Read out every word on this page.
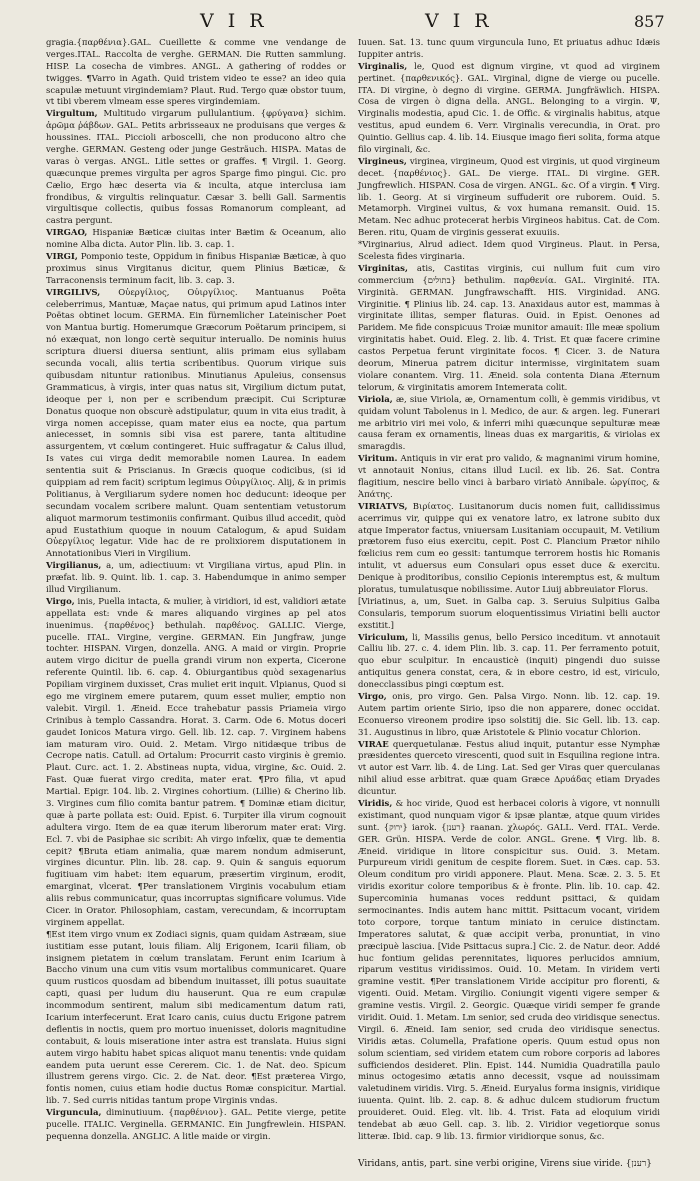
V I R	V I R	857

gragia.{παρθένια}.GAL. Cueillette & comme vne vendange de verges.ITAL. Raccolta de verghe. GERMAN. Die Rutten sammlung. HISP. La cosecha de vimbres. ANGL. A gathering of roddes or twigges. ¶Varro in Agath. Quid tristem video te esse? an ideo quia scapulæ metuunt virgindemiam? Plaut. Rud. Tergo quæ obstor tuum, vt tibi vberem vlmeam esse speres virgindemiam.

Virgultum, Multitudo virgarum pullulantium. {φρύγανα} sichim. ἀρῶμα ῥάβδων. GAL. Petits arbrisseaux ne produisans que verges & houssines. ITAL. Piccioli arboscelli, che non producono altro che verghe. GERMAN. Gesteng oder junge Gesträuch. HISPA. Matas de varas ò vergas. ANGL. Litle settes or graffes. ¶ Virgil. 1. Georg. quæcunque premes virgulta per agros Sparge fimo pingui. Cic. pro Cælio, Ergo hæc deserta via & inculta, atque interclusa iam frondibus, & virgultis relinquatur. Cæsar 3. belli Gall. Sarmentis virgultisque collectis, quibus fossas Romanorum compleant, ad castra pergunt.

VIRGAO, Hispaniæ Bæticæ ciuitas inter Bætim & Oceanum, alio nomine Alba dicta. Autor Plin. lib. 3. cap. 1.

VIRGI, Pomponio teste, Oppidum in finibus Hispaniæ Bæticæ, à quo proximus sinus Virgitanus dicitur, quem Plinius Bæticæ, & Tarraconensis terminum facit, lib. 3. cap. 3.

VIRGILIVS, Οὐεργίλιος, Οὐιργίλιος. Mantuanus Poëta celeberrimus, Mantuæ, Maçae natus, qui primum apud Latinos inter Poëtas obtinet locum. GERMA. Ein fürnemlicher Lateinischer Poet von Mantua burtig. Homerumque Græcorum Poëtarum principem, si nó exæquat, non longo certè sequitur interuallo. De nominis huius scriptura diuersi diuersa sentiunt, aliis primam eius syllabam secunda vocali, aliis tertia scribentibus. Quorum virique suis quibusdam nituntur rationibus. Minutianus Apuleius, consensus Grammaticus, à virgis, inter quas natus sit, Virgilium dictum putat, ideoque per i, non per e scribendum præcipit. Cui Scripturæ Donatus quoque non obscurè adstipulatur, quum in vita eius tradit, à virga nomen accepisse, quam mater eius ea nocte, qua partum aniecesset, in somnis sibi visa est parere, tanta altitudine assurgentem, vt cœlum contingeret. Huic suffragatur & Calus illud, Is vates cui virga dedit memorabile nomen Laurea. In eadem sententia suit & Priscianus. In Græcis quoque codicibus, (si id quippiam ad rem facit) scriptum legimus Οὐιργίλιος. Alij, & in primis Politianus, à Vergiliarum sydere nomen hoc deducunt: ideoque per secundam vocalem scribere malunt. Quam sententiam vetustorum aliquot marmorum testimoniis confirmant. Quibus illud accedit, quòd apud Eustathium quoque in nouum Catalogum, & apud Suidam Οὐεργίλιος legatur. Vide hac de re prolixiorem disputationem in Annotationibus Vieri in Virgilium.

Virgilianus, a, um, adiectiuum: vt Virgiliana virtus, apud Plin. in præfat. lib. 9. Quint. lib. 1. cap. 3. Habendumque in animo semper illud Virgilianum.

Virgo, inis, Puella intacta, & mulier, à viridiori, id est, validiori ætate appellata est: vnde & mares aliquando virgines ap pel atos inuenimus. {παρθένος} bethulah. παρθένος. GALLIC. Vierge, pucelle. ITAL. Virgine, vergine. GERMAN. Ein Jungfraw, junge tochter. HISPAN. Virgen, donzella. ANG. A maid or virgin. Proprie autem virgo dicitur de puella grandi virum non experta, Cicerone referente Quintil. lib. 6. cap. 4. Obiurgantibus quòd sexagenarius Popiliam virginem duxisset, Cras muliet erit inquit. Vlpianus, Quod si ego me virginem emere putarem, quum esset mulier, emptio non valebit. Virgil. 1. Æneid. Ecce trahebatur passis Priameia virgo Crinibus à templo Cassandra. Horat. 3. Carm. Ode 6. Motus doceri gaudet Ionicos Matura virgo. Gell. lib. 12. cap. 7. Virginem habens iam maturam viro. Ouid. 2. Metam. Virgo nitidæque tribus de Cecrope natis. Catull. ad Ortalum: Procurrit casto virginis è gremio. Plaut. Curc. act. 1. 2. Abstineas nupta, vidua, virgine, &c. Ouid. 2. Fast. Quæ fuerat virgo credita, mater erat. ¶Pro filia, vt apud Martial. Epigr. 104. lib. 2. Virgines cohortium. (Lillie) & Cherino lib. 3. Virgines cum filio comita bantur patrem. ¶ Dominæ etiam dicitur, quæ à parte pollata est: Ouid. Epist. 6. Turpiter illa virum cognouit adultera virgo. Item de ea quæ iterum liberorum mater erat: Virg. Ecl. 7. vbi de Pasiphae sic scribit: Ah virgo infœlix, quæ te dementia cepit? ¶Bruta etiam animalia, quæ marem nondum admiserunt, virgines dicuntur. Plin. lib. 28. cap. 9. Quin & sanguis equorum fugitiuam vim habet: item equarum, præsertim virginum, erodit, emarginat, vlcerat. ¶Per translationem Virginis vocabulum etiam aliis rebus communicatur, quas incorruptas significare volumus. Vide Cicer. in Orator. Philosophiam, castam, verecundam, & incorruptam virginem appellat.

¶Est item virgo vnum ex Zodiaci signis, quam quidam Astræam, siue iustitiam esse putant, louis filiam. Alij Erigonem, Icarii filiam, ob insignem pietatem in cœlum translatam. Ferunt enim Icarium à Baccho vinum una cum vitis vsum mortalibus communicaret. Quare quum rusticos quosdam ad bibendum inuitasset, illi potus suauitate capti, quasi per ludum diu hauserunt. Qua re eum crapulæ incommodum sentirent, malum sibi medicamentum datum rati, Icarium interfecerunt. Erat Icaro canis, cuius ductu Erigone patrem deflentis in noctis, quem pro mortuo inuenisset, doloris magnitudine contabuit, & louis miseratione inter astra est translata. Huius signi autem virgo habitu habet spicas aliquot manu tenentis: vnde quidam eandem puta uerunt esse Cererem. Cic. 1. de Nat. deo. Spicum illustrem gerens virgo. Cic. 2. de Nat. deor. ¶Est præterea Virgo, fontis nomen, cuius etiam hodie ductus Romæ conspicitur. Martial. lib. 7. Sed curris nitidas tantum prope Virginis vndas.

Virguncula, diminutiuum. {παρθένιον}. GAL. Petite vierge, petite pucelle. ITALIC. Verginella. GERMANIC. Ein Jungfrewlein. HISPAN. pequenna donzella. ANGLIC. A litle maide or virgin.

Iuuen. Sat. 13. tunc quum virguncula Iuno, Et priuatus adhuc Idæis Iuppiter antris.

Virginalis, le, Quod est dignum virgine, vt quod ad virginem pertinet. {παρθενικός}. GAL. Virginal, digne de vierge ou pucelle. ITA. Di virgine, ò degno di virgine. GERMA. Jungfräwlich. HISPA. Cosa de virgen ò digna della. ANGL. Belonging to a virgin. Ψ, Virginalis modestia, apud Cic. 1. de Offic. & virginalis habitus, atque vestitus, apud eundem 6. Verr. Virginalis verecundia, in Orat. pro Quintio. Gellius cap. 4. lib. 14. Eiusque imago fieri solita, forma atque filo virginali, &c.

Virgineus, virginea, virgineum, Quod est virginis, ut quod virgineum decet. {παρθένιος}. GAL. De vierge. ITAL. Di virgine. GER. Jungfrewlich. HISPAN. Cosa de virgen. ANGL. &c. Of a virgin. ¶ Virg. lib. 1. Georg. At si virgineum suffuderit ore ruborem. Ouid. 5. Metamorph. Virginei vultus, & vox humana remansit. Ouid. 15. Metam. Nec adhuc protecerat herbis Virgineos habitus. Cat. de Com. Beren. ritu, Quam de virginis gesserat exuuiis.

*Virginarius, Alrud adiect. Idem quod Virgineus. Plaut. in Persa, Scelesta fides virginaria.

Virginitas, atis, Castitas virginis, cui nullum fuit cum viro commercium {בתולים} bethulim. παρθενία. GAL. Virginité. ITA. Virginità. GERMAN. Jungfrawschafft. HIS. Virginidad. ANG. Virginitie. ¶ Plinius lib. 24. cap. 13. Anaxidaus autor est, mammas à virginitate illitas, semper flaturas. Ouid. in Epist. Oenones ad Paridem. Me fide conspicuus Troiæ munitor amauit: Ille meæ spolium virginitatis habet. Ouid. Eleg. 2. lib. 4. Trist. Et quæ facere crimine castos Perpetua ferunt virginitate focos. ¶ Cicer. 3. de Natura deorum, Minerua patrem dicitur intermisse, virginitatem suam violare conantem. Virg. 11. Æneid. sola contenta Diana Æternum telorum, & virginitatis amorem Intemerata colit.

Viriola, æ, siue Viriola, æ, Ornamentum colli, è gemmis viridibus, vt quidam volunt Tabolenus in l. Medico, de aur. & argen. leg. Funerari me arbitrio viri mei volo, & inferri mihi quæcunque sepulturæ meæ causa feram ex ornamentis, lineas duas ex margaritis, & viriolas ex smaragdis.

Viritum. Antiquis in vir erat pro valido, & magnanimi virum homine, vt annotauit Nonius, citans illud Lucil. ex lib. 26. Sat. Contra flagitium, nescire bello vinci à barbaro viriatò Annibale. ὠργίπος, & Ἀπάτης.

VIRIATVS, Βιρίατος. Lusitanorum ducis nomen fuit, callidissimus acerrimus vir, quippe qui ex venatore latro, ex latrone subito dux atque Imperator factus, vniuersam Lusitaniam occupauit, M. Vetilium prætorem fuso eius exercitu, cepit. Post C. Plancium Prætor nihilo fœlicius rem cum eo gessit: tantumque terrorem hostis hic Romanis intulit, vt aduersus eum Consulari opus esset duce & exercitu. Denique à proditoribus, consilio Cepionis interemptus est, & multum ploratus, tumulatusque nobilissime. Autor Liuij abbreuiator Florus.

[Viriatinus, a, um, Suet. in Galba cap. 3. Seruius Sulpitius Galba Consularis, temporum suorum eloquentissimus Viriatini belli auctor exstitit.]

Viriculum, li, Massilis genus, bello Persico inceditum. vt annotauit Calliu lib. 27. c. 4. idem Plin. lib. 3. cap. 11. Per ferramento potuit, quo ebur sculpitur. In encausticè (inquit) pingendi duo suisse antiquitus genera constat, cera, & in ebore cestro, id est, viriculo, donecclassibus pingi cœptum est.

Virgo, onis, pro virgo. Gen. Palsa Virgo. Nonn. lib. 12. cap. 19. Autem partim oriente Sirio, ipso die non apparere, donec occidat. Econuerso vireonem prodire ipso solstitij die. Sic Gell. lib. 13. cap. 31. Augustinus in libro, quæ Aristotele & Plinio vocatur Chlorion.

VIRAE querquetulanæ. Festus aliud inquit, putantur esse Nymphæ præsidentes querceto virescenti, quod suit in Esquilina regione intra. vt autor est Varr. lib. 4. de Ling. Lat. Sed ger Viras quer querculanas nihil aliud esse arbitrat. quæ quam Græce Δρυάδας etiam Dryades dicuntur.

Viridis, & hoc viride, Quod est herbacei coloris à vigore, vt nonnulli existimant, quod nunquam vigor & ipsæ plantæ, atque quum virides sunt. {ירוק} iarok. {רענן} raanan. χλωρός. GALL. Verd. ITAL. Verde. GER. Grün. HISPA. Verde de color. ANGL. Grene. ¶ Virg. lib. 8. Æneid. viridique in litore conspicitur sus. Ouid. 3. Metam. Purpureum viridi genitum de cespite florem. Suet. in Cæs. cap. 53. Oleum conditum pro viridi apponere. Plaut. Mena. Scæ. 2. 3. 5. Et viridis exoritur colore temporibus & è fronte. Plin. lib. 10. cap. 42. Supercominia humanas voces reddunt psittaci, & quidam sermocinantes. Indis autem hanc mittit. Psittacum vocant, viridem toto corpore, torque tantum miniato in ceruice distinctam. Imperatores salutat, & quæ accipit verba, pronuntiat, in vino præcipuè lasciua. [Vide Psittacus supra.] Cic. 2. de Natur. deor. Addé huc fontium gelidas perennitates, liquores perlucidos amnium, riparum vestitus viridissimos. Ouid. 10. Metam. In viridem verti gramine vestit. ¶Per translationem Viride accipitur pro florenti, & vigenti. Ouid. Metam. Virgilio. Coniungit vigenti vigere semper & gramine vestis. Virgil. 2. Georgic. Quæque viridi semper fe grande viridit. Ouid. 1. Metam. Lm senior, sed cruda deo viridisque senectus. Virgil. 6. Æneid. Iam senior, sed cruda deo viridisque senectus. Viridis ætas. Columella, Prafatione operis. Quum estud opus non solum scientiam, sed viridem etatem cum robore corporis ad labores sufficiendos desideret. Plin. Epist. 144. Numidia Quadratilla paulo minus octogesimo ætatis anno decessit, vsque ad nouissimam valetudinem viridis. Virg. 5. Æneid. Euryalus forma insignis, viridique iuuenta. Quint. lib. 2. cap. 8. & adhuc dulcem studiorum fructum prouideret. Ouid. Eleg. vlt. lib. 4. Trist. Fata ad eloquium viridi tendebat ab æuo Gell. cap. 3. lib. 2. Viridior vegetiorque sonus litteræ. Ibid. cap. 9 lib. 13. firmior viridiorque sonus, &c.

Viridans, antis, part. sine verbi origine, Virens siue viride. {רענן}
